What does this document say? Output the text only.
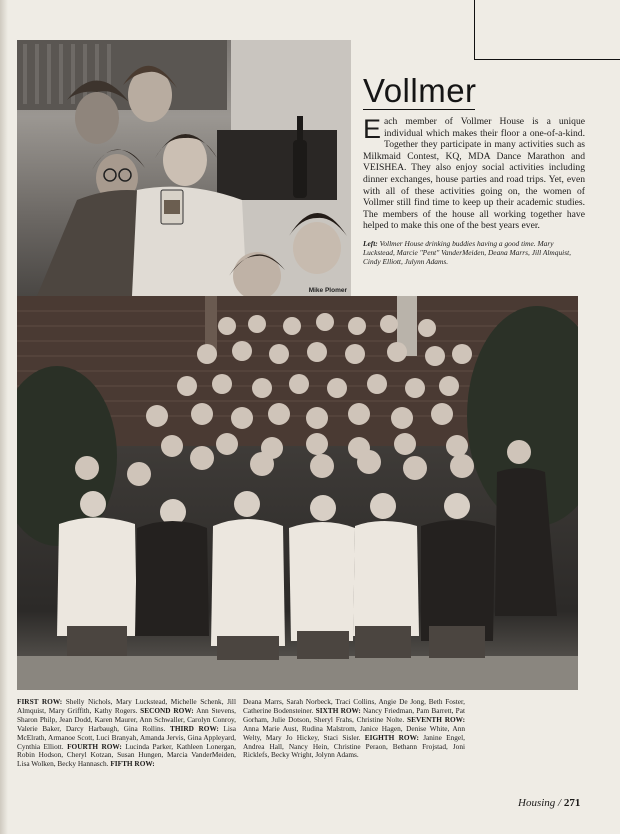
Mike Plomer
Vollmer

Each member of Vollmer House is a unique individual which makes their floor a one-of-a-kind. Together they participate in many activities such as Milkmaid Contest, KQ, MDA Dance Marathon and VEISHEA. They also enjoy social activities including dinner exchanges, house parties and road trips. Yet, even with all of these activities going on, the women of Vollmer still find time to keep up their academic studies. The members of the house all working together have helped to make this one of the best years ever.

Left: Vollmer House drinking buddies having a good time. Mary Luckstead, Marcie "Pent" VanderMeiden, Deana Marrs, Jill Almquist, Cindy Elliott, Julynn Adams.

FIRST ROW: Shelly Nichols, Mary Luckstead, Michelle Schenk, Jill Almquist, Mary Griffith, Kathy Rogers. SECOND ROW: Ann Stevens, Sharon Philp, Jean Dodd, Karen Maurer, Ann Schwaller, Carolyn Conroy, Valerie Baker, Darcy Harbaugh, Gina Rollins. THIRD ROW: Lisa McElrath, Armanoe Scott, Luci Branyah, Amanda Jervis, Gina Appleyard, Cynthia Elliott. FOURTH ROW: Lucinda Parker, Kathleen Lonergan, Robin Hodson, Cheryl Kotzan, Susan Hungen, Marcia VanderMeiden, Lisa Wolken, Becky Hannasch. FIFTH ROW:

Deana Marrs, Sarah Norbeck, Traci Collins, Angie De Jong, Beth Foster, Catherine Bodensteiner. SIXTH ROW: Nancy Friedman, Pam Barrett, Pat Gorham, Julie Dotson, Sheryl Frahs, Christine Nolte. SEVENTH ROW: Anna Marie Aust, Rudina Malstrom, Janice Hagen, Denise White, Ann Welty, Mary Jo Hickey, Staci Sisler. EIGHTH ROW: Janine Engel, Andrea Hall, Nancy Hein, Christine Peraon, Bethann Frojstad, Joni Ricklefs, Becky Wright, Jolynn Adams.

Housing / 271
